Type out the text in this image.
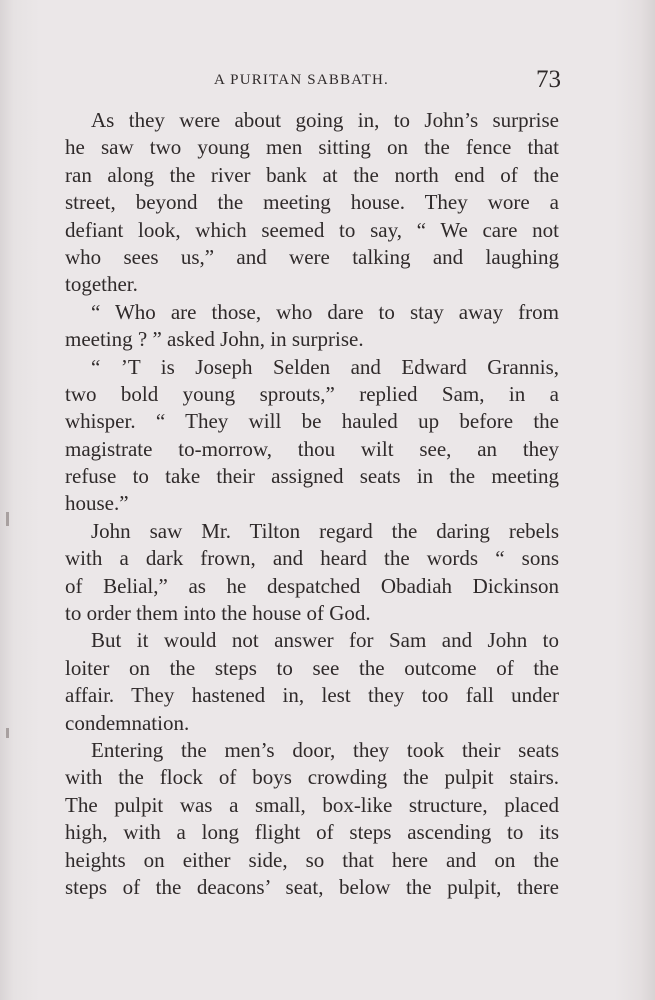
A PURITAN SABBATH.	73
As they were about going in, to John’s surprise
he saw two young men sitting on the fence that
ran along the river bank at the north end of the
street, beyond the meeting house. They wore a
defiant look, which seemed to say, “ We care not
who sees us,” and were talking and laughing
together.
“ Who are those, who dare to stay away from
meeting ? ” asked John, in surprise.
“ ’T is Joseph Selden and Edward Grannis,
two bold young sprouts,” replied Sam, in a
whisper. “ They will be hauled up before the
magistrate to-morrow, thou wilt see, an they
refuse to take their assigned seats in the meeting
house.”
John saw Mr. Tilton regard the daring rebels
with a dark frown, and heard the words “ sons
of Belial,” as he despatched Obadiah Dickinson
to order them into the house of God.
But it would not answer for Sam and John to
loiter on the steps to see the outcome of the
affair. They hastened in, lest they too fall under
condemnation.
Entering the men’s door, they took their seats
with the flock of boys crowding the pulpit stairs.
The pulpit was a small, box-like structure, placed
high, with a long flight of steps ascending to its
heights on either side, so that here and on the
steps of the deacons’ seat, below the pulpit, there
